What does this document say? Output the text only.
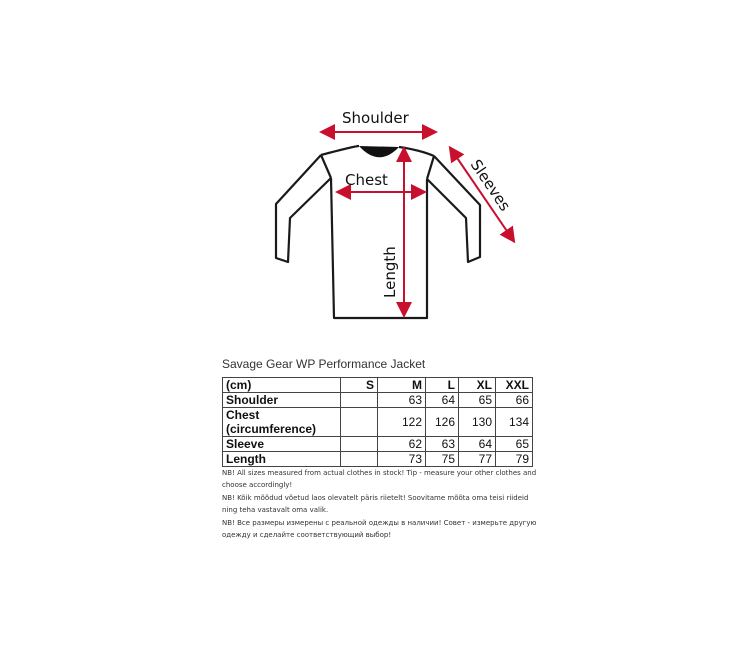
Shoulder
Chest	Sleeves
Length
Savage Gear WP Performance Jacket
(cm)	S	M	L	XL	XXL
Shoulder		63	64	65	66
Chest (circumference)		122	126	130	134
Sleeve		62	63	64	65
Length		73	75	77	79
NB! All sizes measured from actual clothes in stock! Tip - measure your other clothes and choose accordingly!
NB! Kõik mõõdud võetud laos olevatelt päris riietelt! Soovitame mõõta oma teisi riideid ning teha vastavalt oma valik.
NB! Все размеры измерены с реальной одежды в наличии! Совет - измерьте другую одежду и сделайте соответствующий выбор!
